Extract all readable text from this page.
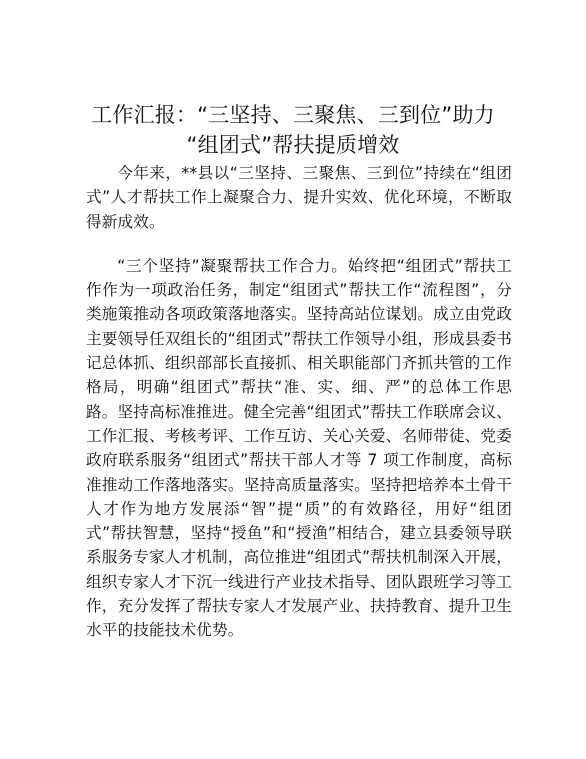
工作汇报：“三坚持、三聚焦、三到位”助力
“组团式”帮扶提质增效

今年来，**县以“三坚持、三聚焦、三到位”持续在“组团式”人才帮扶工作上凝聚合力、提升实效、优化环境，不断取得新成效。

“三个坚持”凝聚帮扶工作合力。始终把“组团式”帮扶工作作为一项政治任务，制定“组团式”帮扶工作“流程图”，分类施策推动各项政策落地落实。坚持高站位谋划。成立由党政主要领导任双组长的“组团式”帮扶工作领导小组，形成县委书记总体抓、组织部部长直接抓、相关职能部门齐抓共管的工作格局，明确“组团式”帮扶“准、实、细、严”的总体工作思路。坚持高标准推进。健全完善“组团式”帮扶工作联席会议、工作汇报、考核考评、工作互访、关心关爱、名师带徒、党委政府联系服务“组团式”帮扶干部人才等 7 项工作制度，高标准推动工作落地落实。坚持高质量落实。坚持把培养本土骨干人才作为地方发展添“智”提“质”的有效路径，用好“组团式”帮扶智慧，坚持“授鱼”和“授渔”相结合，建立县委领导联系服务专家人才机制，高位推进“组团式”帮扶机制深入开展，组织专家人才下沉一线进行产业技术指导、团队跟班学习等工作，充分发挥了帮扶专家人才发展产业、扶持教育、提升卫生水平的技能技术优势。
